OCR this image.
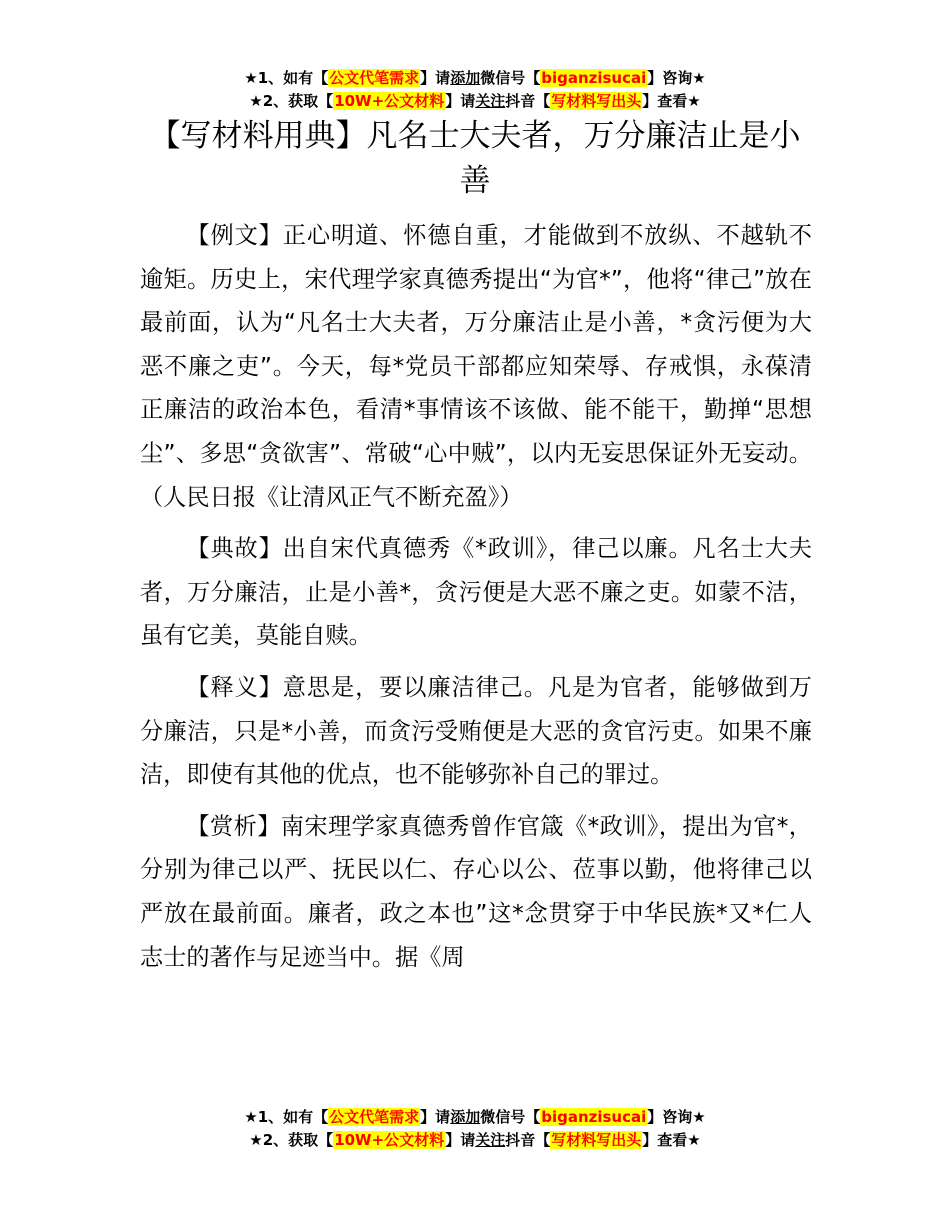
★1、如有【公文代笔需求】请添加微信号【biganzisucai】咨询★
★2、获取【10W+公文材料】请关注抖音【写材料写出头】查看★
【写材料用典】凡名士大夫者，万分廉洁止是小善

【例文】正心明道、怀德自重，才能做到不放纵、不越轨不逾矩。历史上，宋代理学家真德秀提出“为官*”，他将“律己”放在最前面，认为“凡名士大夫者，万分廉洁止是小善，*贪污便为大恶不廉之吏”。今天，每*党员干部都应知荣辱、存戒惧，永葆清正廉洁的政治本色，看清*事情该不该做、能不能干，勤掸“思想尘”、多思“贪欲害”、常破“心中贼”，以内无妄思保证外无妄动。（人民日报《让清风正气不断充盈》）

【典故】出自宋代真德秀《*政训》，律己以廉。凡名士大夫者，万分廉洁，止是小善*，贪污便是大恶不廉之吏。如蒙不洁，虽有它美，莫能自赎。

【释义】意思是，要以廉洁律己。凡是为官者，能够做到万分廉洁，只是*小善，而贪污受贿便是大恶的贪官污吏。如果不廉洁，即使有其他的优点，也不能够弥补自己的罪过。

【赏析】南宋理学家真德秀曾作官箴《*政训》，提出为官*，分别为律己以严、抚民以仁、存心以公、莅事以勤，他将律己以严放在最前面。廉者，政之本也”这*念贯穿于中华民族*又*仁人志士的著作与足迹当中。据《周

★1、如有【公文代笔需求】请添加微信号【biganzisucai】咨询★
★2、获取【10W+公文材料】请关注抖音【写材料写出头】查看★
